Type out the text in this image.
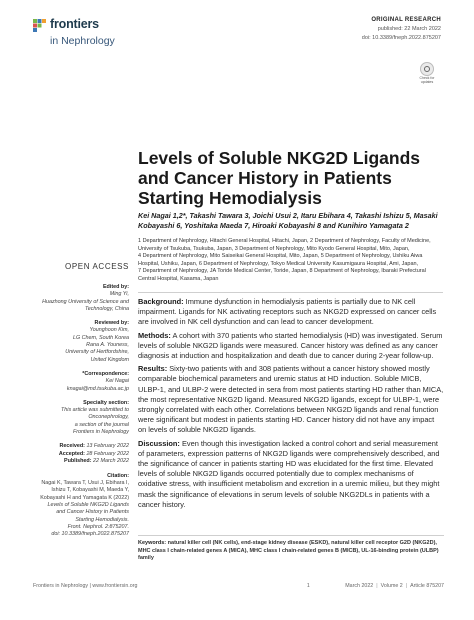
frontiers
in Nephrology
ORIGINAL RESEARCH
published: 22 March 2022
doi: 10.3389/fneph.2022.875207
Check for updates
Levels of Soluble NKG2D Ligands and Cancer History in Patients Starting Hemodialysis
Kei Nagai 1,2*, Takashi Tawara 3, Joichi Usui 2, Itaru Ebihara 4, Takashi Ishizu 5, Masaki Kobayashi 6, Yoshitaka Maeda 7, Hiroaki Kobayashi 8 and Kunihiro Yamagata 2
1 Department of Nephrology, Hitachi General Hospital, Hitachi, Japan, 2 Department of Nephrology, Faculty of Medicine, University of Tsukuba, Tsukuba, Japan, 3 Department of Nephrology, Mito Kyodo General Hospital, Mito, Japan,
4 Department of Nephrology, Mito Saiseikai General Hospital, Mito, Japan, 5 Department of Nephrology, Ushiku Aiwa Hospital, Ushiku, Japan, 6 Department of Nephrology, Tokyo Medical University Kasumigaura Hospital, Ami, Japan,
7 Department of Nephrology, JA Toride Medical Center, Toride, Japan, 8 Department of Nephrology, Ibaraki Prefectural Central Hospital, Kasama, Japan
OPEN ACCESS
Edited by:
Ming Yi,
Huazhong University of Science and
Technology, China
Reviewed by:
Younghoon Kim,
LG Chem, South Korea
Rana A. Youness,
University of Hertfordshire,
United Kingdom
*Correspondence:
Kei Nagai
knagai@md.tsukuba.ac.jp
Specialty section:
This article was submitted to
Onconephrology,
a section of the journal
Frontiers in Nephrology
Received: 13 February 2022
Accepted: 28 February 2022
Published: 22 March 2022
Citation:
Nagai K, Tawara T, Usui J, Ebihara I,
Ishizu T, Kobayashi M, Maeda Y,
Kobayashi H and Yamagata K (2022)
Levels of Soluble NKG2D Ligands
and Cancer History in Patients
Starting Hemodialysis.
Front. Nephrol. 2:875207.
doi: 10.3389/fneph.2022.875207

Background: Immune dysfunction in hemodialysis patients is partially due to NK cell impairment. Ligands for NK activating receptors such as NKG2D expressed on cancer cells are involved in NK cell dysfunction and can lead to cancer development.

Methods: A cohort with 370 patients who started hemodialysis (HD) was investigated. Serum levels of soluble NKG2D ligands were measured. Cancer history was defined as any cancer diagnosis at induction and hospitalization and death due to cancer during 2-year follow-up.

Results: Sixty-two patients with and 308 patients without a cancer history showed mostly comparable biochemical parameters and uremic status at HD induction. Soluble MICB, ULBP-1, and ULBP-2 were detected in sera from most patients starting HD rather than MICA, the most representative NKG2D ligand. Measured NKG2D ligands, except for ULBP-1, were strongly correlated with each other. Correlations between NKG2D ligands and renal function were significant but modest in patients starting HD. Cancer history did not have any impact on levels of soluble NKG2D ligands.

Discussion: Even though this investigation lacked a control cohort and serial measurement of parameters, expression patterns of NKG2D ligands were comprehensively described, and the significance of cancer in patients starting HD was elucidated for the first time. Elevated levels of soluble NKG2D ligands occurred potentially due to complex mechanisms of oxidative stress, with insufficient metabolism and excretion in a uremic milieu, but they might mask the significance of elevations in serum levels of soluble NKG2DLs in patients with a cancer history.

Keywords: natural killer cell (NK cells), end-stage kidney disease (ESKD), natural killer cell receptor G2D (NKG2D), MHC class I chain-related genes A (MICA), MHC class I chain-related genes B (MICB), UL-16-binding protein (ULBP) family
Frontiers in Nephrology | www.frontiersin.org	1	March 2022 | Volume 2 | Article 875207
